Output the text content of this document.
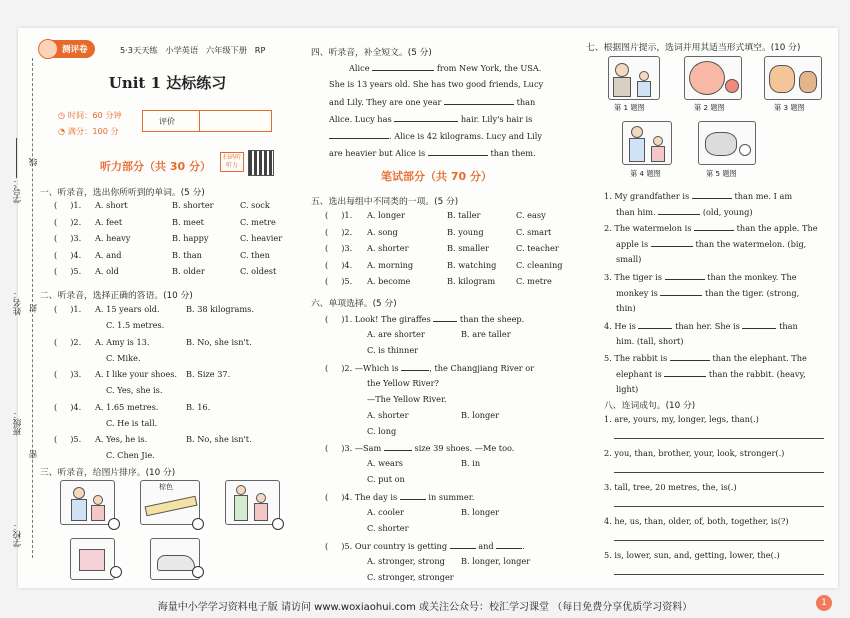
学号：
线
姓名： 封
班级：
密
学校：
测评卷	5·3天天练 小学英语 六年级下册 RP
Unit 1 达标练习
◷ 时间：60 分钟
◔ 满分：100 分
评价
听力部分（共 30 分）
扫码听听力
一、听录音，选出你所听到的单词。(5 分)
二、听录音，选择正确的答语。(10 分)
三、听录音，给图片排序。(10 分)
棕色
(     )1. A. short	B. shorter	C. sock
(     )2. A. feet	B. meet	C. metre
(     )3. A. heavy	B. happy	C. heavier
(     )4. A. and	B. than	C. then
(     )5. A. old	B. older	C. oldest
(     )1. A. 15 years old.	B. 38 kilograms.
C. 1.5 metres.
(     )2. A. Amy is 13.	B. No, she isn't.
C. Mike.
(     )3. A. I like your shoes. B. Size 37.
C. Yes, she is.
(     )4. A. 1.65 metres.	B. 16.
C. He is tall.
(     )5. A. Yes, he is.	B. No, she isn't.
C. Chen Jie.
四、听录音，补全短文。(5 分)
Alice	from New York, the USA.
She is 13 years old. She has two good friends, Lucy
and Lily. They are one year	than
Alice. Lucy has	hair. Lily's hair is
. Alice is 42 kilograms. Lucy and Lily
are heavier but Alice is	than them.
笔试部分（共 70 分）
五、选出每组中不同类的一项。(5 分)
六、单项选择。(5 分)
(     )1. A. longer	B. taller	C. easy
(     )2. A. song	B. young	C. smart
(     )3. A. shorter	B. smaller	C. teacher
(     )4. A. morning	B. watching C. cleaning
(     )5. A. become	B. kilogram	C. metre
(     )1. Look! The giraffes	than the sheep.
A. are shorter	B. are taller
C. is thinner
(     )2. —Which is	, the Changjiang River or
the Yellow River?
—The Yellow River.
A. shorter	B. longer
C. long
(     )3. —Sam	size 39 shoes. —Me too.
A. wears	B. in
C. put on
(     )4. The day is	in summer.
A. cooler	B. longer
C. shorter
(     )5. Our country is getting	and	.
A. stronger, strong B. longer, longer
C. stronger, stronger
七、根据图片提示，选词并用其适当形式填空。(10 分)
第 1 题图	第 2 题图	第 3 题图
第 4 题图	第 5 题图
八、连词成句。(10 分)
1. My grandfather is	than me. I am
than him.	(old, young)
2. The watermelon is	than the apple. The
apple is	than the watermelon. (big,
small)
3. The tiger is	than the monkey. The
monkey is	than the tiger. (strong,
thin)
4. He is	than her. She is	than
him. (tall, short)
5. The rabbit is	than the elephant. The
elephant is	than the rabbit. (heavy,
light)
1. are, yours, my, longer, legs, than(.)
2. you, than, brother, your, look, stronger(.)
3. tall, tree, 20 metres, the, is(.)
4. he, us, than, older, of, both, together, is(?)
5. is, lower, sun, and, getting, lower, the(.)
海量中小学学习资料电子版 请访问 www.woxiaohui.com 或关注公众号：校汇学习课堂 （每日免费分享优质学习资料）	1
